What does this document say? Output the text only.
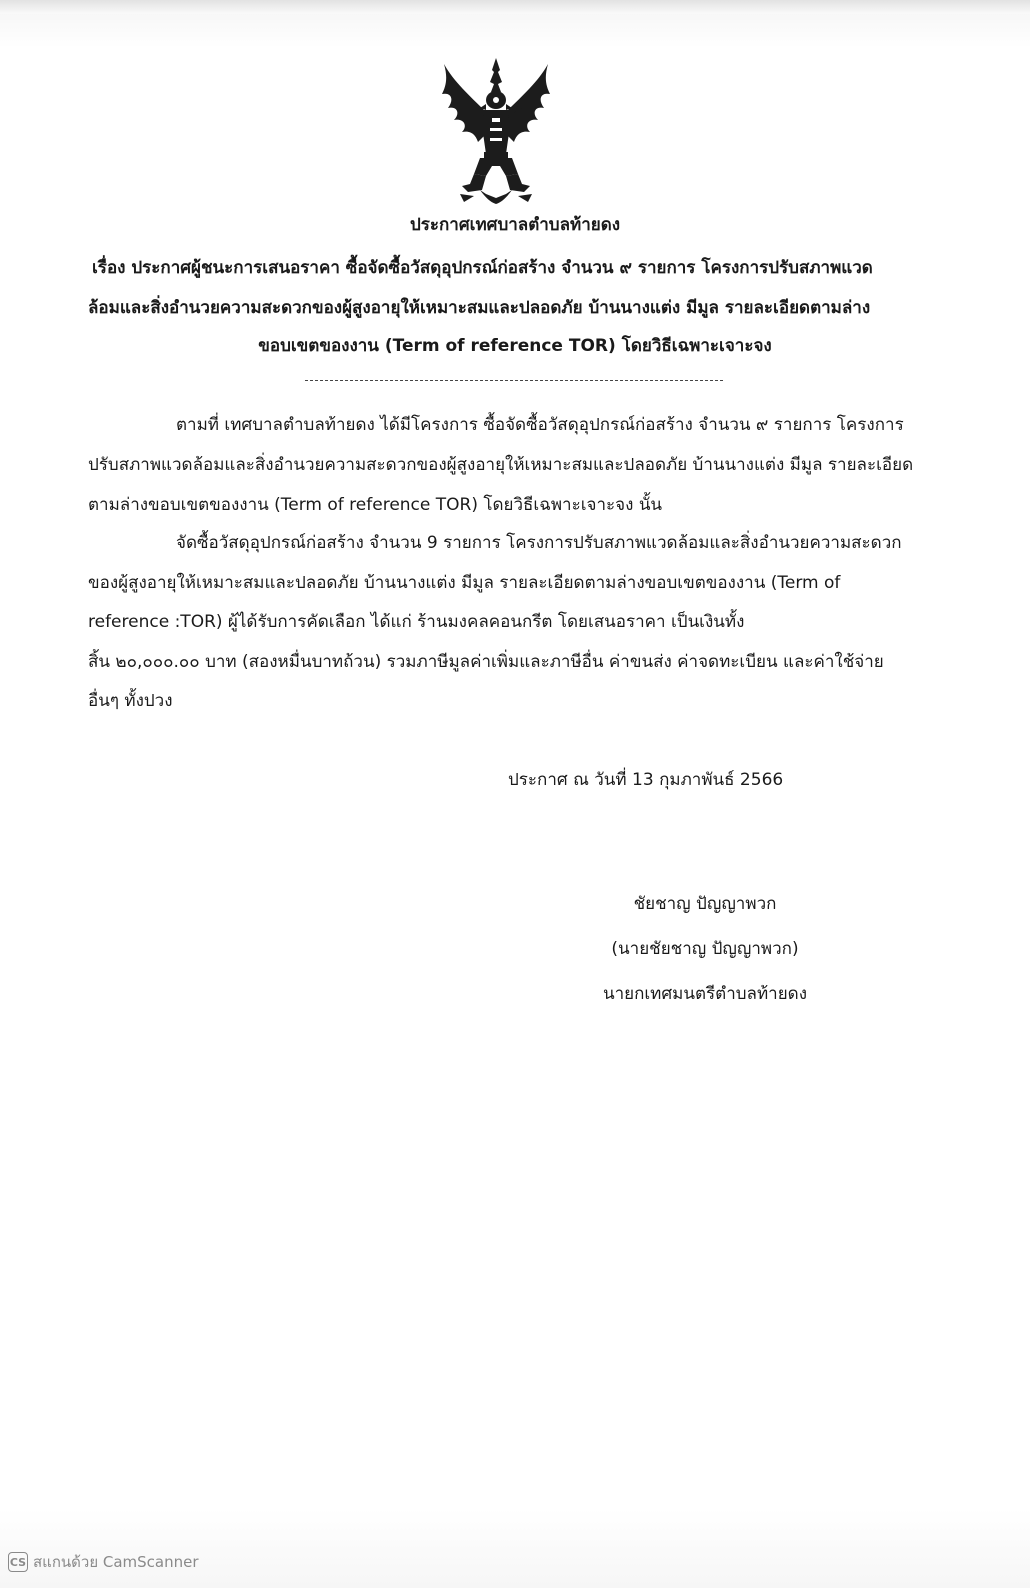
ประกาศเทศบาลตำบลท้ายดง
เรื่อง ประกาศผู้ชนะการเสนอราคา ซื้อจัดซื้อวัสดุอุปกรณ์ก่อสร้าง จำนวน ๙ รายการ โครงการปรับสภาพแวด
ล้อมและสิ่งอำนวยความสะดวกของผู้สูงอายุให้เหมาะสมและปลอดภัย บ้านนางแต่ง มีมูล รายละเอียดตามล่าง
ขอบเขตของงาน (Term of reference TOR) โดยวิธีเฉพาะเจาะจง
ตามที่ เทศบาลตำบลท้ายดง ได้มีโครงการ ซื้อจัดซื้อวัสดุอุปกรณ์ก่อสร้าง จำนวน ๙ รายการ โครงการ
ปรับสภาพแวดล้อมและสิ่งอำนวยความสะดวกของผู้สูงอายุให้เหมาะสมและปลอดภัย บ้านนางแต่ง มีมูล รายละเอียด
ตามล่างขอบเขตของงาน (Term of reference TOR) โดยวิธีเฉพาะเจาะจง นั้น
จัดซื้อวัสดุอุปกรณ์ก่อสร้าง จำนวน 9 รายการ โครงการปรับสภาพแวดล้อมและสิ่งอำนวยความสะดวก
ของผู้สูงอายุให้เหมาะสมและปลอดภัย บ้านนางแต่ง มีมูล รายละเอียดตามล่างขอบเขตของงาน (Term of
reference :TOR) ผู้ได้รับการคัดเลือก ได้แก่ ร้านมงคลคอนกรีต โดยเสนอราคา เป็นเงินทั้ง
สิ้น ๒๐,๐๐๐.๐๐ บาท (สองหมื่นบาทถ้วน) รวมภาษีมูลค่าเพิ่มและภาษีอื่น ค่าขนส่ง ค่าจดทะเบียน และค่าใช้จ่าย
อื่นๆ ทั้งปวง
ประกาศ ณ วันที่ 13 กุมภาพันธ์ 2566
ชัยชาญ ปัญญาพวก
(นายชัยชาญ ปัญญาพวก)
นายกเทศมนตรีตำบลท้ายดง
CS สแกนด้วย CamScanner
